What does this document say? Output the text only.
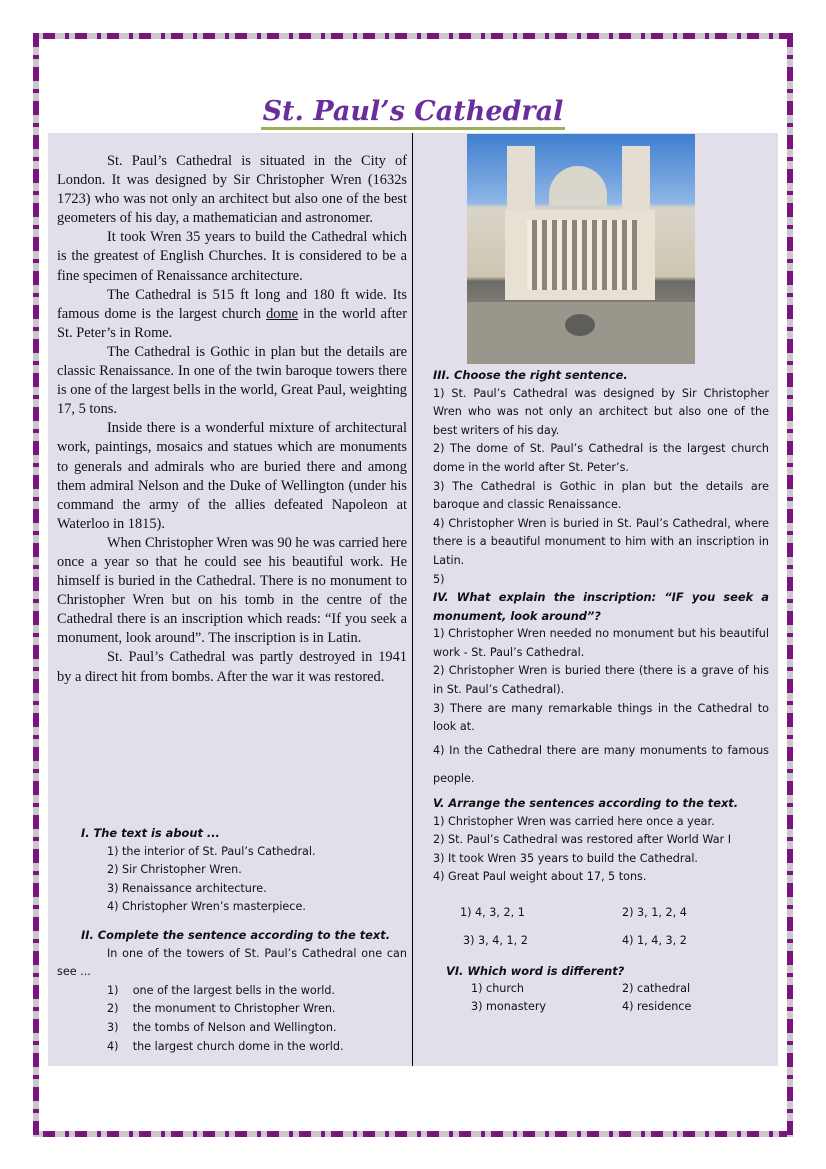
St. Paul’s Cathedral

St. Paul’s Cathedral is situated in the City of London. It was designed by Sir Christopher Wren (1632s 1723) who was not only an architect but also one of the best geometers of his day, a mathematician and astronomer.

It took Wren 35 years to build the Cathedral which is the greatest of English Churches. It is considered to be a fine specimen of Renaissance architecture.

The Cathedral is 515 ft long and 180 ft wide. Its famous dome is the largest church dome in the world after St. Peter’s in Rome.

The Cathedral is Gothic in plan but the details are classic Renaissance. In one of the twin baroque towers there is one of the largest bells in the world, Great Paul, weighting 17, 5 tons.

Inside there is a wonderful mixture of architectural work, paintings, mosaics and statues which are monuments to generals and admirals who are buried there and among them admiral Nelson and the Duke of Wellington (under his command the army of the allies defeated Napoleon at Waterloo in 1815).

When Christopher Wren was 90 he was carried here once a year so that he could see his beautiful work. He himself is buried in the Cathedral. There is no monument to Christopher Wren but on his tomb in the centre of the Cathedral there is an inscription which reads: “If you seek a monument, look around”. The inscription is in Latin.

St. Paul’s Cathedral was partly destroyed in 1941 by a direct hit from bombs. After the war it was restored.

I. The text is about ...
1) the interior of St. Paul’s Cathedral.
2) Sir Christopher Wren.
3) Renaissance architecture.
4) Christopher Wren’s masterpiece.
II. Complete the sentence according to the text.
In one of the towers of St. Paul’s Cathedral one can see ...
1)    one of the largest bells in the world.
2)    the monument to Christopher Wren.
3)    the tombs of Nelson and Wellington.
4)    the largest church dome in the world.
III. Choose the right sentence.
1) St. Paul’s Cathedral was designed by Sir Christopher Wren who was not only an architect but also one of the best writers of his day.
2) The dome of St. Paul’s Cathedral is the largest church dome in the world after St. Peter’s.
3) The Cathedral is Gothic in plan but the details are baroque and classic Renaissance.
4) Christopher Wren is buried in St. Paul’s Cathedral, where there is a beautiful monument to him with an inscription in Latin.
5)
IV. What explain the inscription: “IF you seek a monument, look around”?
1) Christopher Wren needed no monument but his beautiful work - St. Paul’s Cathedral.
2) Christopher Wren is buried there (there is a grave of his in St. Paul’s Cathedral).
3) There are many remarkable things in the Cathedral to look at.
4) In the Cathedral there are many monuments to famous people.
V. Arrange the sentences according to the text.
1) Christopher Wren was carried here once a year.
2) St. Paul’s Cathedral was restored after World War I
3) It took Wren 35 years to build the Cathedral.
4) Great Paul weight about 17, 5 tons.
1) 4, 3, 2, 1	2) 3, 1, 2, 4
3) 3, 4, 1, 2	4) 1, 4, 3, 2
VI. Which word is different?
1) church	2) cathedral
3) monastery	4) residence
